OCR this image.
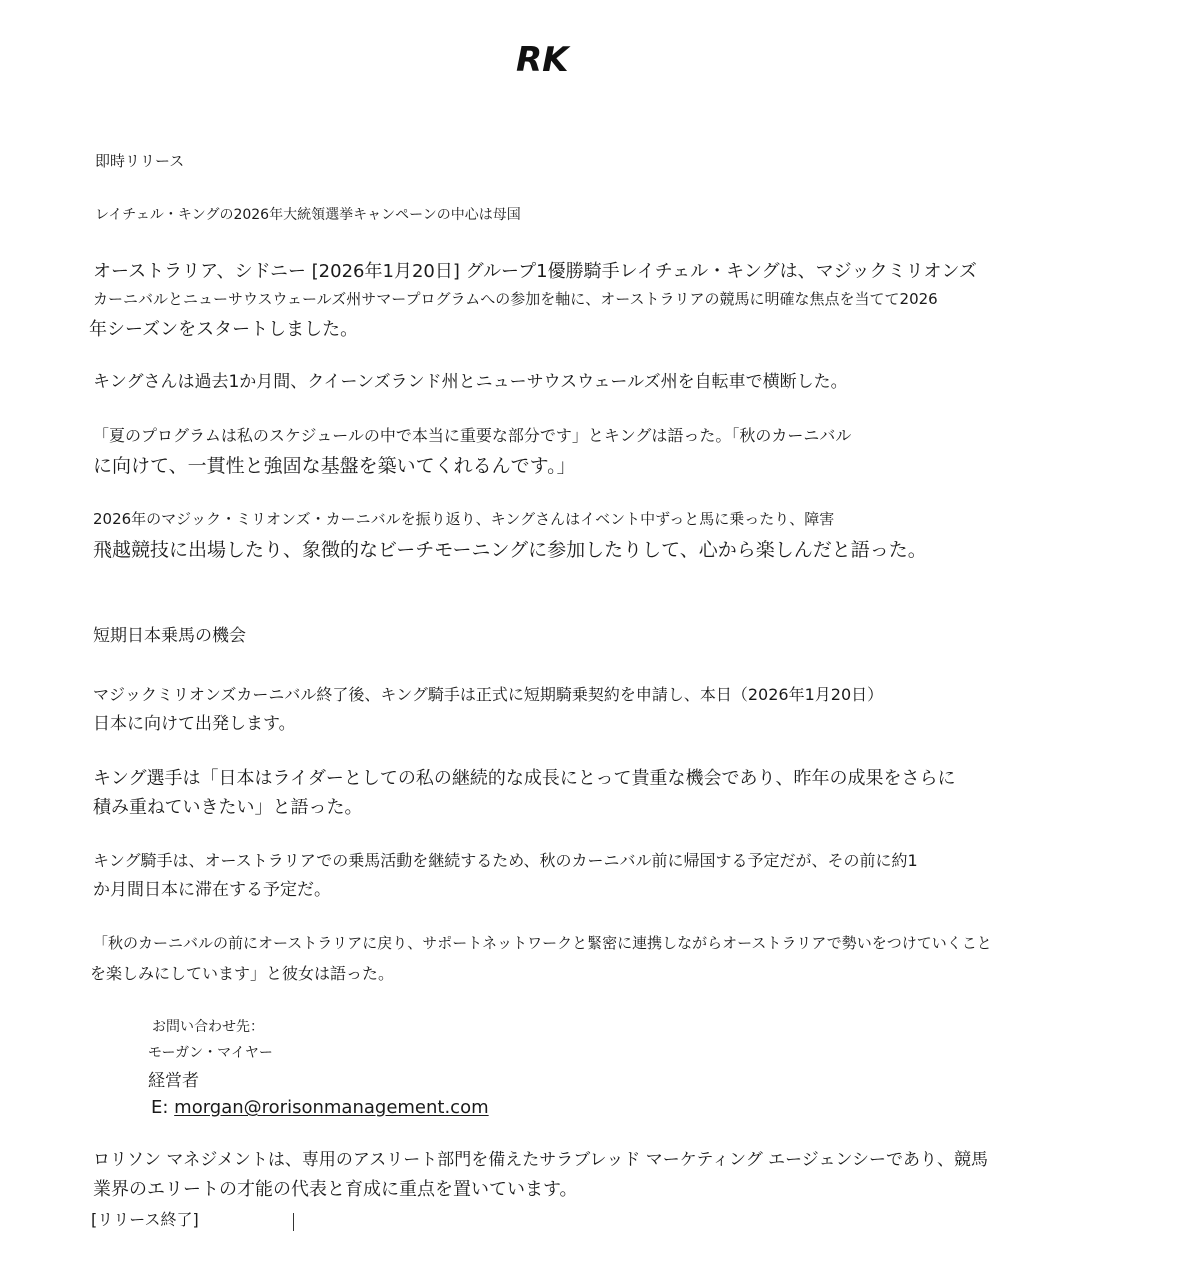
RK

即時リリース

レイチェル・キングの2026年大統領選挙キャンペーンの中心は母国

オーストラリア、シドニー [2026年1月20日] グループ1優勝騎手レイチェル・キングは、マジックミリオンズ

カーニバルとニューサウスウェールズ州サマープログラムへの参加を軸に、オーストラリアの競馬に明確な焦点を当てて2026

年シーズンをスタートしました。

キングさんは過去1か月間、クイーンズランド州とニューサウスウェールズ州を自転車で横断した。

「夏のプログラムは私のスケジュールの中で本当に重要な部分です」とキングは語った。「秋のカーニバル

に向けて、一貫性と強固な基盤を築いてくれるんです。」

2026年のマジック・ミリオンズ・カーニバルを振り返り、キングさんはイベント中ずっと馬に乗ったり、障害

飛越競技に出場したり、象徴的なビーチモーニングに参加したりして、心から楽しんだと語った。

短期日本乗馬の機会

マジックミリオンズカーニバル終了後、キング騎手は正式に短期騎乗契約を申請し、本日（2026年1月20日）

日本に向けて出発します。

キング選手は「日本はライダーとしての私の継続的な成長にとって貴重な機会であり、昨年の成果をさらに

積み重ねていきたい」と語った。

キング騎手は、オーストラリアでの乗馬活動を継続するため、秋のカーニバル前に帰国する予定だが、その前に約1

か月間日本に滞在する予定だ。

「秋のカーニバルの前にオーストラリアに戻り、サポートネットワークと緊密に連携しながらオーストラリアで勢いをつけていくこと

を楽しみにしています」と彼女は語った。

お問い合わせ先：

モーガン・マイヤー

経営者

E: morgan@rorisonmanagement.com

ロリソン マネジメントは、専用のアスリート部門を備えたサラブレッド マーケティング エージェンシーであり、競馬

業界のエリートの才能の代表と育成に重点を置いています。

[リリース終了]
